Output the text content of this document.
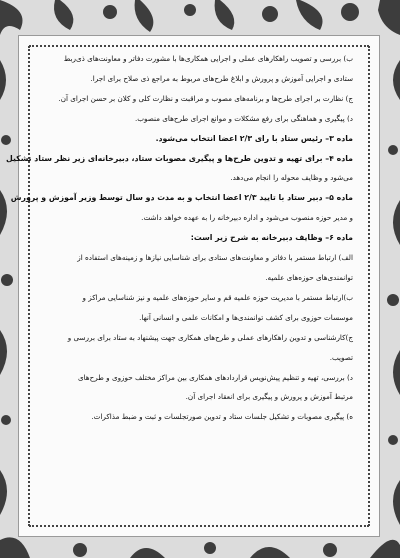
ب) بررسی و تصویب راهکارهای عملی و اجرایی همکاری‌ها با مشورت دفاتر و معاونت‌های ذی‌ربط
ستادی و اجرایی آموزش و پرورش و ابلاغ طرح‌های مربوط به مراجع ذی صلاح برای اجرا.
ج) نظارت بر اجرای طرح‌ها و برنامه‌های مصوب و مراقبت و نظارت کلی و کلان بر حسن اجرای آن.
د) پیگیری و هماهنگی برای رفع مشکلات و موانع اجرای طرح‌های منصوب.
ماده ۳– رئیس ستاد با رای ۲/۳ اعضا انتخاب می‌شود.
ماده ۴– برای تهیه و تدوین طرح‌ها و پیگیری مصوبات ستاد، دبیرخانه‌ای زیر نظر ستاد تشکیل
می‌شود و وظایف محوله را انجام می‌دهد.
ماده ۵– دبیر ستاد با تایید ۲/۳ اعضا انتخاب و به مدت دو سال توسط وزیر آموزش و پرورش
و مدیر حوزه منصوب می‌شود و اداره دبیرخانه را به عهده خواهد داشت.
ماده ۶– وظایف دبیرخانه به شرح زیر است:
الف) ارتباط مستمر با دفاتر و معاونت‌های ستادی برای شناسایی نیازها و زمینه‌های استفاده از
توانمندی‌های حوزه‌های علمیه.
ب)ارتباط مستمر با مدیریت حوزه علمیه قم و سایر حوزه‌های علمیه و نیز شناسایی مراکز و
موسسات حوزوی برای کشف توانمندی‌ها و امکانات علمی و انسانی آنها.
ج)کارشناسی و تدوین راهکارهای عملی و طرح‌های همکاری جهت پیشنهاد به ستاد برای بررسی و
تصویب.
د) بررسی، تهیه و تنظیم پیش‌نویس قراردادهای همکاری بین مراکز مختلف حوزوی و طرح‌های
مرتبط آموزش و پرورش و پیگیری برای انعقاد اجرای آن.
ه) پیگیری مصوبات و تشکیل جلسات ستاد و تدوین صورتجلسات و ثبت و ضبط مذاکرات.
